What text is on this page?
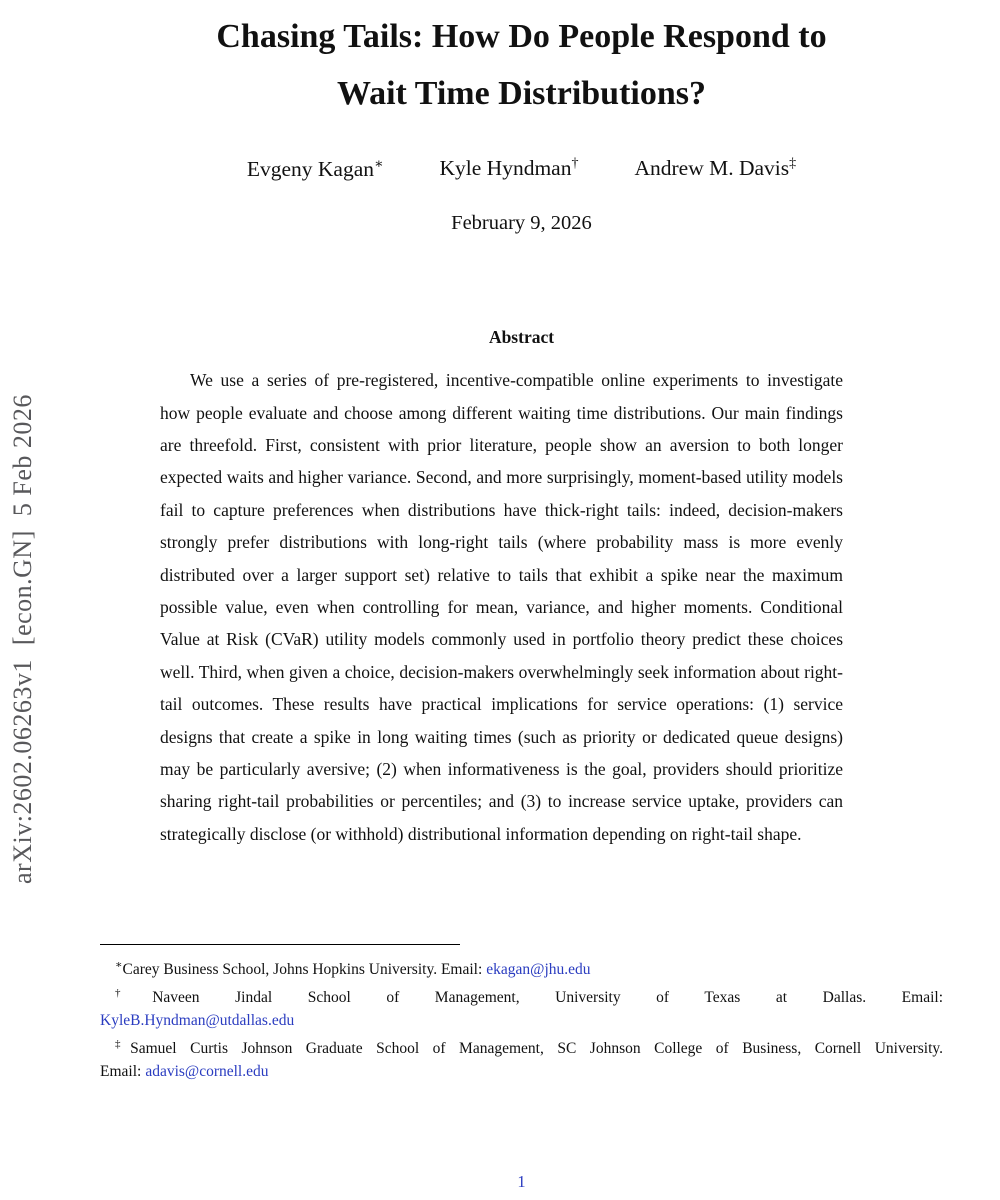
arXiv:2602.06263v1  [econ.GN]  5 Feb 2026
Chasing Tails: How Do People Respond to
Wait Time Distributions?
Evgeny Kagan∗	Kyle Hyndman†	Andrew M. Davis‡
February 9, 2026
Abstract

We use a series of pre-registered, incentive-compatible online experiments to investigate how people evaluate and choose among different waiting time distributions. Our main findings are threefold. First, consistent with prior literature, people show an aversion to both longer expected waits and higher variance. Second, and more surprisingly, moment-based utility models fail to capture preferences when distributions have thick-right tails: indeed, decision-makers strongly prefer distributions with long-right tails (where probability mass is more evenly distributed over a larger support set) relative to tails that exhibit a spike near the maximum possible value, even when controlling for mean, variance, and higher moments. Conditional Value at Risk (CVaR) utility models commonly used in portfolio theory predict these choices well. Third, when given a choice, decision-makers overwhelmingly seek information about right-tail outcomes. These results have practical implications for service operations: (1) service designs that create a spike in long waiting times (such as priority or dedicated queue designs) may be particularly aversive; (2) when informativeness is the goal, providers should prioritize sharing right-tail probabilities or percentiles; and (3) to increase service uptake, providers can strategically disclose (or withhold) distributional information depending on right-tail shape.

∗Carey Business School, Johns Hopkins University. Email: ekagan@jhu.edu

†Naveen Jindal School of Management, University of Texas at Dallas. Email:
KyleB.Hyndman@utdallas.edu

‡Samuel Curtis Johnson Graduate School of Management, SC Johnson College of Business, Cornell University. Email: adavis@cornell.edu

1
